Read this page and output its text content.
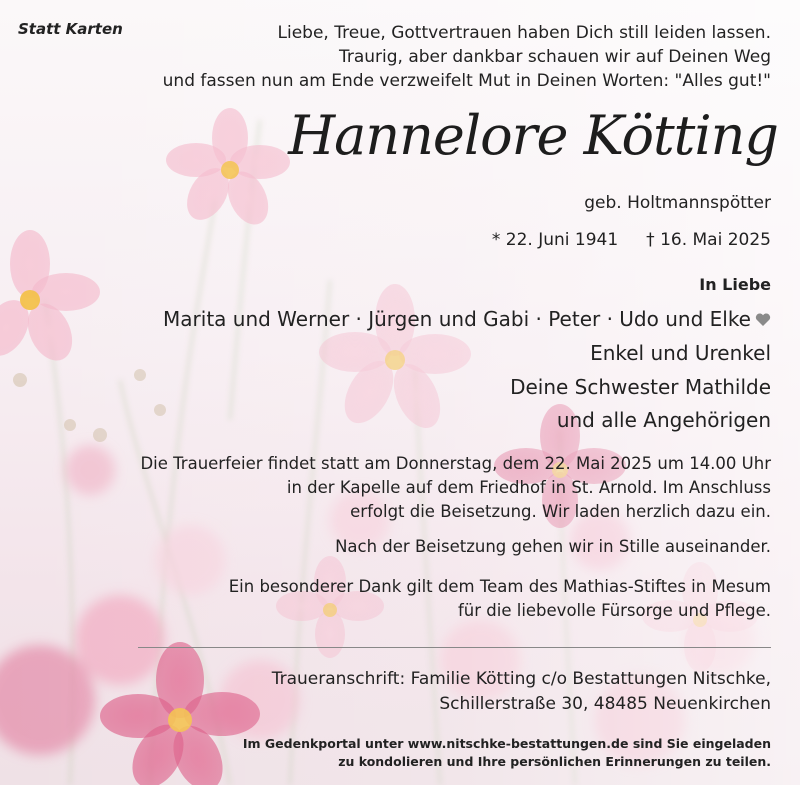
Statt Karten	Liebe, Treue, Gottvertrauen haben Dich still leiden lassen.
Traurig, aber dankbar schauen wir auf Deinen Weg
und fassen nun am Ende verzweifelt Mut in Deinen Worten: "Alles gut!"
Hannelore Kötting
geb. Holtmannspötter
* 22. Juni 1941 † 16. Mai 2025
In Liebe
Marita und Werner · Jürgen und Gabi · Peter · Udo und Elke
Enkel und Urenkel
Deine Schwester Mathilde
und alle Angehörigen
Die Trauerfeier findet statt am Donnerstag, dem 22. Mai 2025 um 14.00 Uhr
in der Kapelle auf dem Friedhof in St. Arnold. Im Anschluss
erfolgt die Beisetzung. Wir laden herzlich dazu ein.
Nach der Beisetzung gehen wir in Stille auseinander.
Ein besonderer Dank gilt dem Team des Mathias-Stiftes in Mesum
für die liebevolle Fürsorge und Pflege.
Traueranschrift: Familie Kötting c/o Bestattungen Nitschke,
Schillerstraße 30, 48485 Neuenkirchen
Im Gedenkportal unter www.nitschke-bestattungen.de sind Sie eingeladen
zu kondolieren und Ihre persönlichen Erinnerungen zu teilen.
